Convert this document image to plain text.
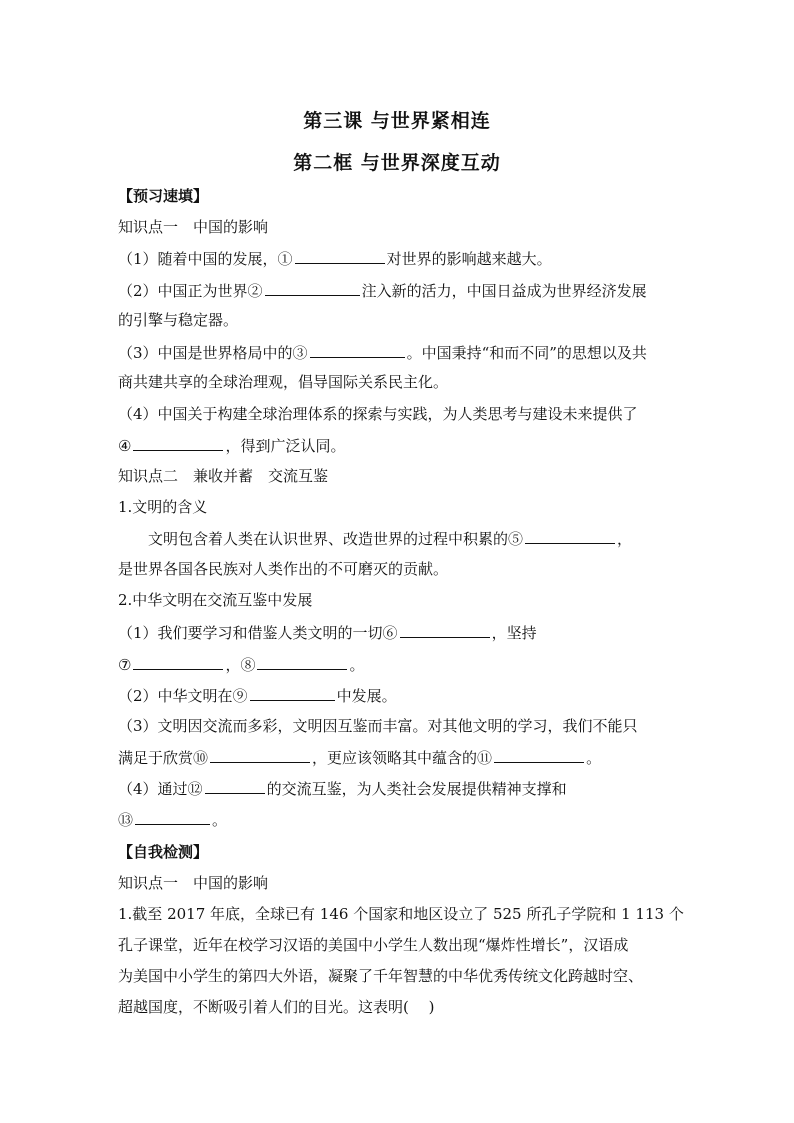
第三课 与世界紧相连
第二框 与世界深度互动
【预习速填】
知识点一　中国的影响
（1）随着中国的发展，①	对世界的影响越来越大。
（2）中国正为世界②	注入新的活力，中国日益成为世界经济发展
的引擎与稳定器。
（3）中国是世界格局中的③	。中国秉持“和而不同”的思想以及共
商共建共享的全球治理观，倡导国际关系民主化。
（4）中国关于构建全球治理体系的探索与实践，为人类思考与建设未来提供了
④	，得到广泛认同。
知识点二　兼收并蓄　交流互鉴
1.文明的含义
　　文明包含着人类在认识世界、改造世界的过程中积累的⑤	，
是世界各国各民族对人类作出的不可磨灭的贡献。
2.中华文明在交流互鉴中发展
（1）我们要学习和借鉴人类文明的一切⑥	，坚持
⑦	，⑧	。
（2）中华文明在⑨	中发展。
（3）文明因交流而多彩，文明因互鉴而丰富。对其他文明的学习，我们不能只
满足于欣赏⑩	，更应该领略其中蕴含的⑪	。
（4）通过⑫	的交流互鉴，为人类社会发展提供精神支撑和
⑬	。
【自我检测】
知识点一　中国的影响
1.截至 2017 年底，全球已有 146 个国家和地区设立了 525 所孔子学院和 1 113 个
孔子课堂，近年在校学习汉语的美国中小学生人数出现“爆炸性增长”，汉语成
为美国中小学生的第四大外语，凝聚了千年智慧的中华优秀传统文化跨越时空、
超越国度，不断吸引着人们的目光。这表明(　 )
